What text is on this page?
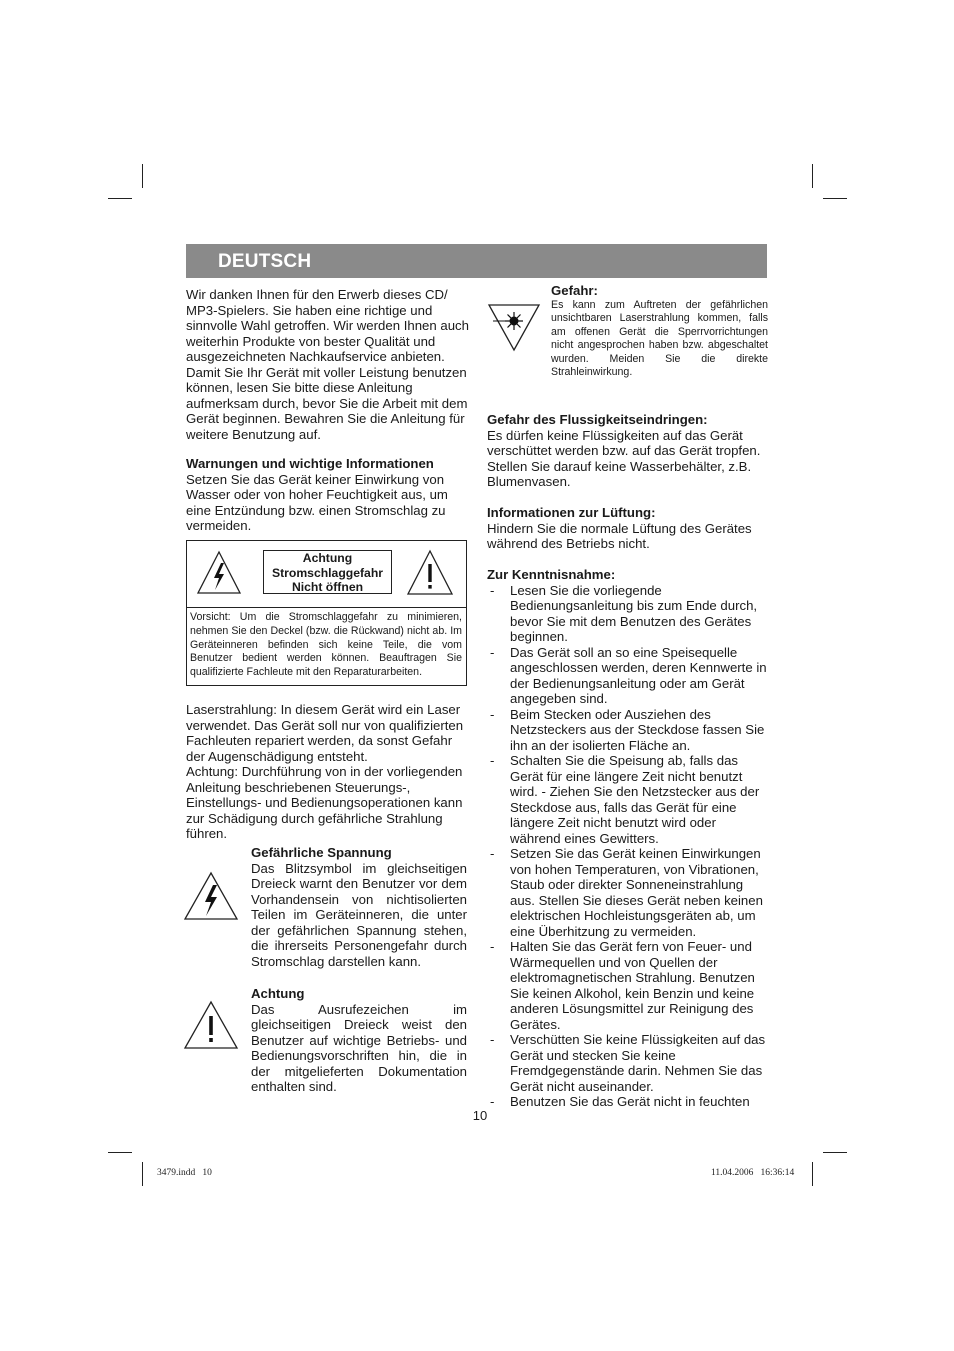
DEUTSCH

Wir danken Ihnen für den Erwerb dieses CD/ MP3-Spielers. Sie haben eine richtige und sinnvolle Wahl getroffen. Wir werden Ihnen auch weiterhin Produkte von bester Qualität und ausgezeichneten Nachkaufservice anbieten. Damit Sie Ihr Gerät mit voller Leistung benutzen können, lesen Sie bitte diese Anleitung aufmerksam durch, bevor Sie die Arbeit mit dem Gerät beginnen. Bewahren Sie die Anleitung für weitere Benutzung auf.

Warnungen und wichtige Informationen

Setzen Sie das Gerät keiner Einwirkung von Wasser oder von hoher Feuchtigkeit aus, um eine Entzündung bzw. einen Stromschlag zu vermeiden.

Achtung
Stromschlaggefahr
Nicht öffnen
Vorsicht: Um die Stromschlaggefahr zu minimieren, nehmen Sie den Deckel (bzw. die Rückwand) nicht ab. Im Geräteinneren befinden sich keine Teile, die vom Benutzer bedient werden können. Beauftragen Sie qualifizierte Fachleute mit den Reparaturarbeiten.

Laserstrahlung: In diesem Gerät wird ein Laser verwendet. Das Gerät soll nur von qualifizierten Fachleuten repariert werden, da sonst Gefahr der Augenschädigung entsteht.

Achtung: Durchführung von in der vorliegenden Anleitung beschriebenen Steuerungs-, Einstellungs- und Bedienungsoperationen kann zur Schädigung durch gefährliche Strahlung führen.

Gefährliche Spannung

Das Blitzsymbol im gleichseitigen Dreieck warnt den Benutzer vor dem Vorhandensein von nichtisolierten Teilen im Geräteinneren, die unter der gefährlichen Spannung stehen, die ihrerseits Personengefahr durch Stromschlag darstellen kann.

Achtung

Das Ausrufezeichen im gleichseitigen Dreieck weist den Benutzer auf wichtige Betriebs- und Bedienungsvorschriften hin, die in der mitgelieferten Dokumentation enthalten sind.

Gefahr:

Es kann zum Auftreten der gefährlichen unsichtbaren Laserstrahlung kommen, falls am offenen Gerät die Sperrvorrichtungen nicht angesprochen haben bzw. abgeschaltet wurden. Meiden Sie die direkte Strahleinwirkung.

Gefahr des Flussigkeitseindringen:

Es dürfen keine Flüssigkeiten auf das Gerät verschüttet werden bzw. auf das Gerät tropfen. Stellen Sie darauf keine Wasserbehälter, z.B. Blumenvasen.

Informationen zur Lüftung:

Hindern Sie die normale Lüftung des Gerätes während des Betriebs nicht.

Zur Kenntnisnahme:

- Lesen Sie die vorliegende Bedienungsanleitung bis zum Ende durch, bevor Sie mit dem Benutzen des Gerätes beginnen.
- Das Gerät soll an so eine Speisequelle angeschlossen werden, deren Kennwerte in der Bedienungsanleitung oder am Gerät angegeben sind.
- Beim Stecken oder Ausziehen des Netzsteckers aus der Steckdose fassen Sie ihn an der isolierten Fläche an.
- Schalten Sie die Speisung ab, falls das Gerät für eine längere Zeit nicht benutzt wird. - Ziehen Sie den Netzstecker aus der Steckdose aus, falls das Gerät für eine längere Zeit nicht benutzt wird oder während eines Gewitters.
- Setzen Sie das Gerät keinen Einwirkungen von hohen Temperaturen, von Vibrationen, Staub oder direkter Sonneneinstrahlung aus. Stellen Sie dieses Gerät neben keinen elektrischen Hochleistungsgeräten ab, um eine Überhitzung zu vermeiden.
- Halten Sie das Gerät fern von Feuer- und Wärmequellen und von Quellen der elektromagnetischen Strahlung. Benutzen Sie keinen Alkohol, kein Benzin und keine anderen Lösungsmittel zur Reinigung des Gerätes.
- Verschütten Sie keine Flüssigkeiten auf das Gerät und stecken Sie keine Fremdgegenstände darin. Nehmen Sie das Gerät nicht auseinander.
- Benutzen Sie das Gerät nicht in feuchten
10
3479.indd   10	11.04.2006   16:36:14
